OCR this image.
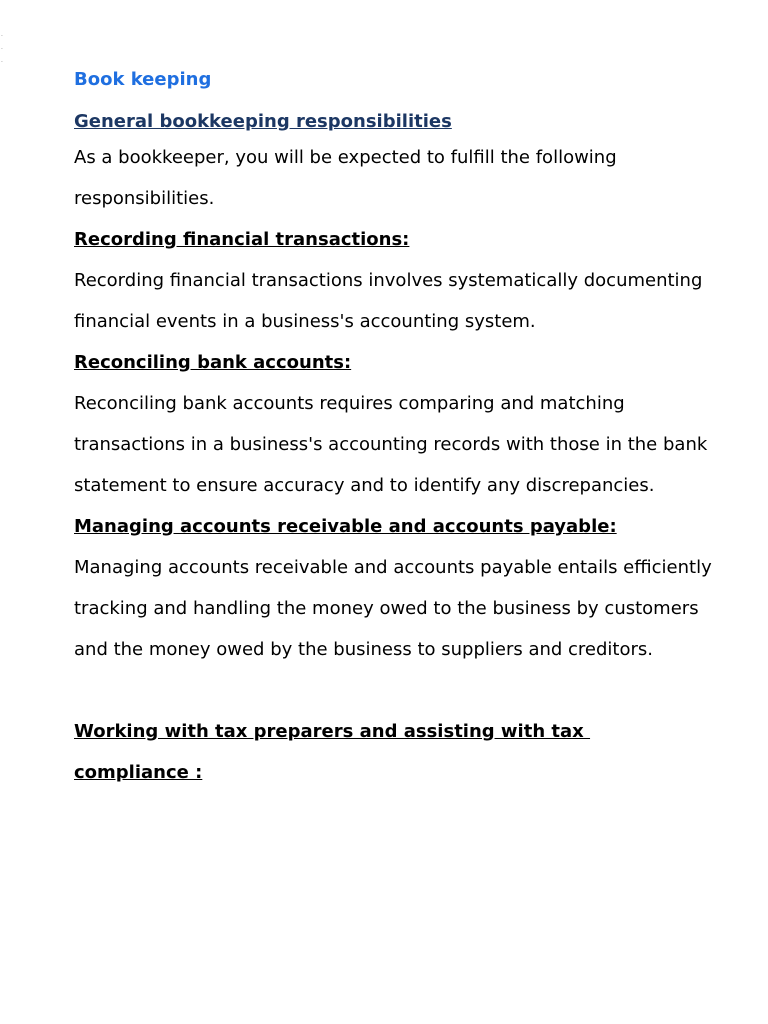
·
·
·
Book keeping
General bookkeeping responsibilities

As a bookkeeper, you will be expected to fulfill the following responsibilities.

Recording financial transactions:

Recording financial transactions involves systematically documenting financial events in a business's accounting system.

Reconciling bank accounts:

Reconciling bank accounts requires comparing and matching transactions in a business's accounting records with those in the bank statement to ensure accuracy and to identify any discrepancies.

Managing accounts receivable and accounts payable:

Managing accounts receivable and accounts payable entails efficiently tracking and handling the money owed to the business by customers and the money owed by the business to suppliers and creditors.

Working with tax preparers and assisting with tax
compliance :
